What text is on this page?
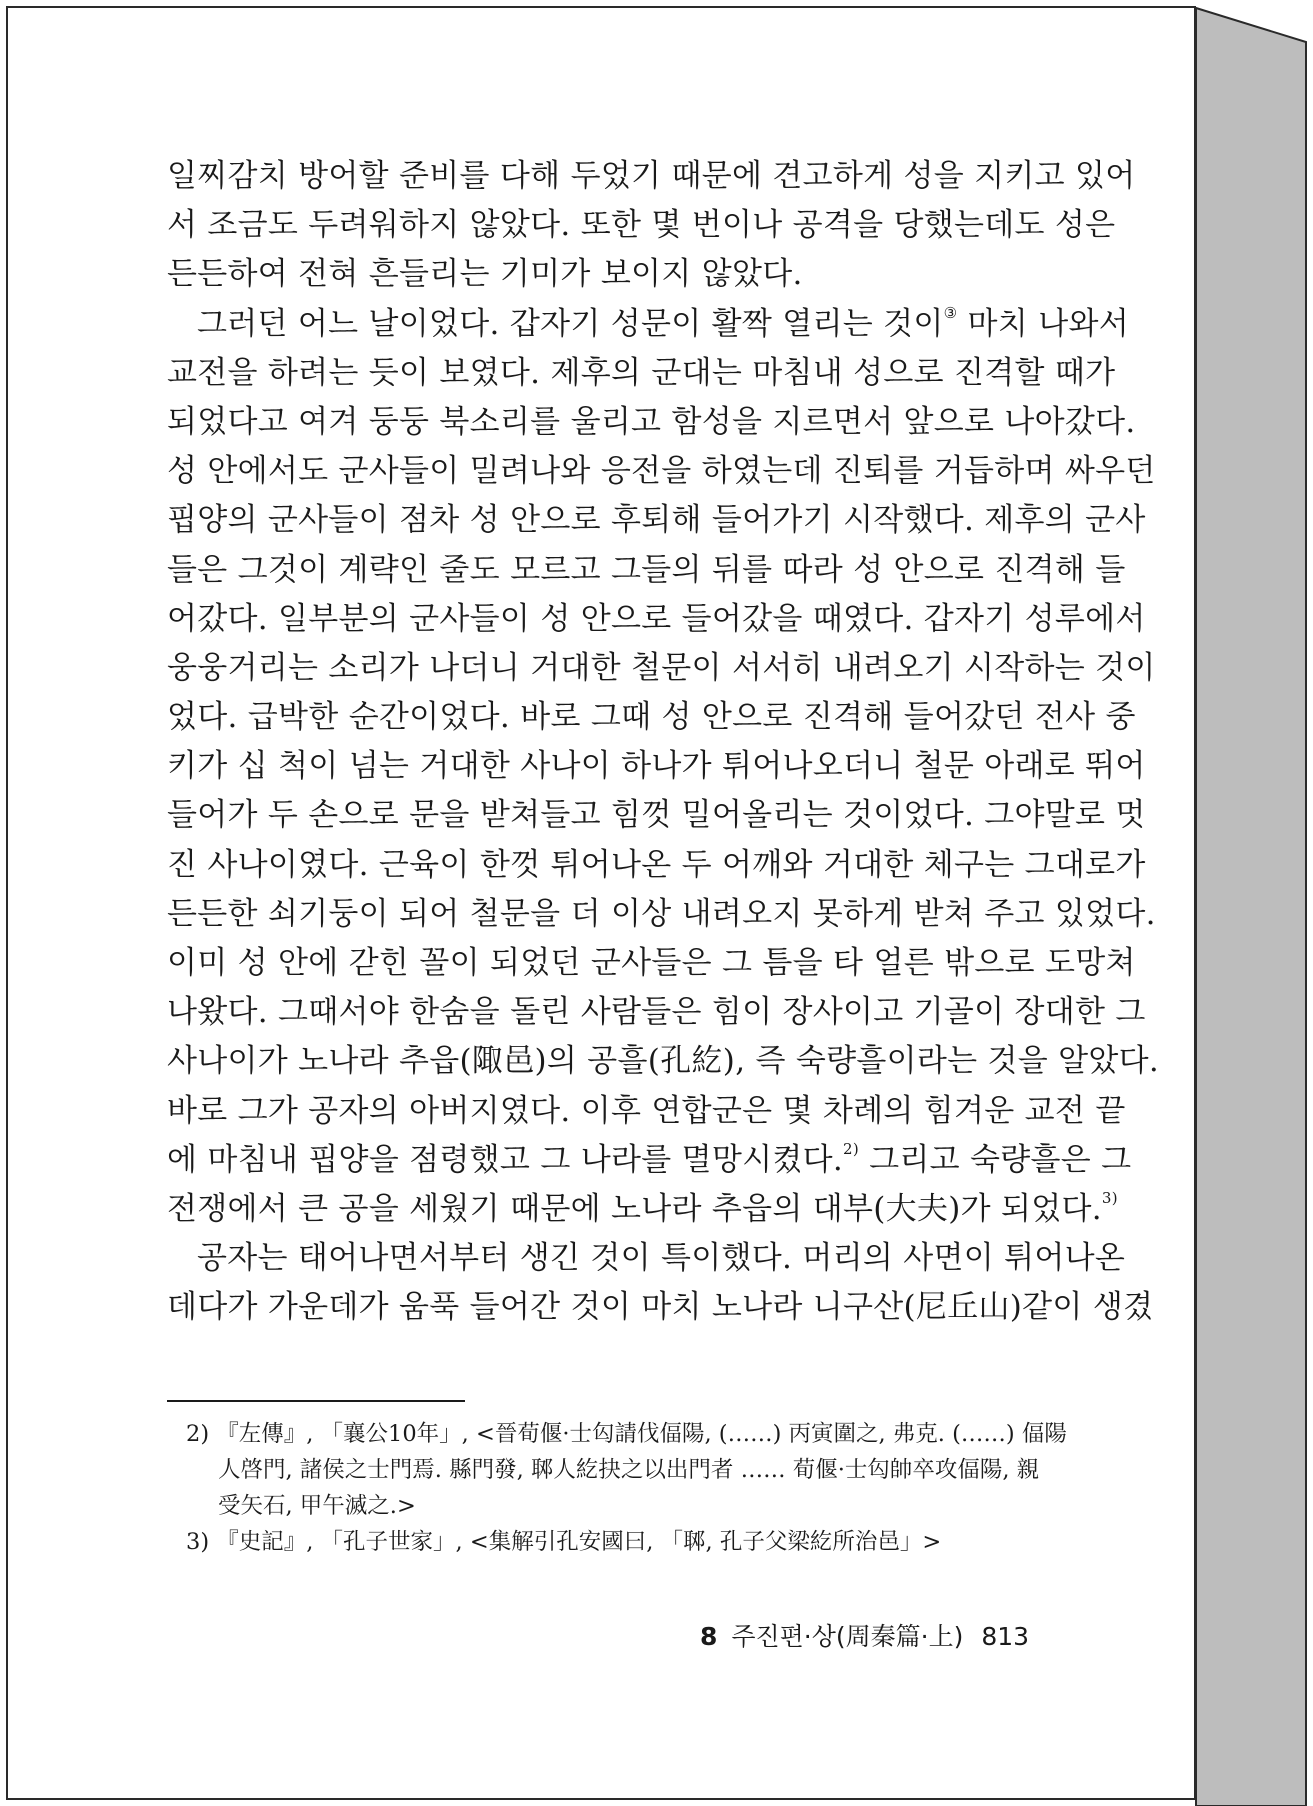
일찌감치 방어할 준비를 다해 두었기 때문에 견고하게 성을 지키고 있어
서 조금도 두려워하지 않았다. 또한 몇 번이나 공격을 당했는데도 성은
든든하여 전혀 흔들리는 기미가 보이지 않았다.
그러던 어느 날이었다. 갑자기 성문이 활짝 열리는 것이③ 마치 나와서
교전을 하려는 듯이 보였다. 제후의 군대는 마침내 성으로 진격할 때가
되었다고 여겨 둥둥 북소리를 울리고 함성을 지르면서 앞으로 나아갔다.
성 안에서도 군사들이 밀려나와 응전을 하였는데 진퇴를 거듭하며 싸우던
핍양의 군사들이 점차 성 안으로 후퇴해 들어가기 시작했다. 제후의 군사
들은 그것이 계략인 줄도 모르고 그들의 뒤를 따라 성 안으로 진격해 들
어갔다. 일부분의 군사들이 성 안으로 들어갔을 때였다. 갑자기 성루에서
웅웅거리는 소리가 나더니 거대한 철문이 서서히 내려오기 시작하는 것이
었다. 급박한 순간이었다. 바로 그때 성 안으로 진격해 들어갔던 전사 중
키가 십 척이 넘는 거대한 사나이 하나가 튀어나오더니 철문 아래로 뛰어
들어가 두 손으로 문을 받쳐들고 힘껏 밀어올리는 것이었다. 그야말로 멋
진 사나이였다. 근육이 한껏 튀어나온 두 어깨와 거대한 체구는 그대로가
든든한 쇠기둥이 되어 철문을 더 이상 내려오지 못하게 받쳐 주고 있었다.
이미 성 안에 갇힌 꼴이 되었던 군사들은 그 틈을 타 얼른 밖으로 도망쳐
나왔다. 그때서야 한숨을 돌린 사람들은 힘이 장사이고 기골이 장대한 그
사나이가 노나라 추읍(陬邑)의 공흘(孔紇), 즉 숙량흘이라는 것을 알았다.
바로 그가 공자의 아버지였다. 이후 연합군은 몇 차례의 힘겨운 교전 끝
에 마침내 핍양을 점령했고 그 나라를 멸망시켰다.$^{2)}$ 그리고 숙량흘은 그
전쟁에서 큰 공을 세웠기 때문에 노나라 추읍의 대부(大夫)가 되었다.$^{3)}$
공자는 태어나면서부터 생긴 것이 특이했다. 머리의 사면이 튀어나온
데다가 가운데가 움푹 들어간 것이 마치 노나라 니구산(尼丘山)같이 생겼
2) 『左傳』, 「襄公10年」, <晉荀偃·士匃請伐偪陽, (……) 丙寅圍之, 弗克. (……) 偪陽
人啓門, 諸侯之士門焉. 縣門發, 郰人紇抉之以出門者 …… 荀偃·士匃帥卒攻偪陽, 親
受矢石, 甲午滅之.>
3) 『史記』, 「孔子世家」, <集解引孔安國曰, 「郰, 孔子父梁紇所治邑」>
8 주진편·상(周秦篇·上) 813
